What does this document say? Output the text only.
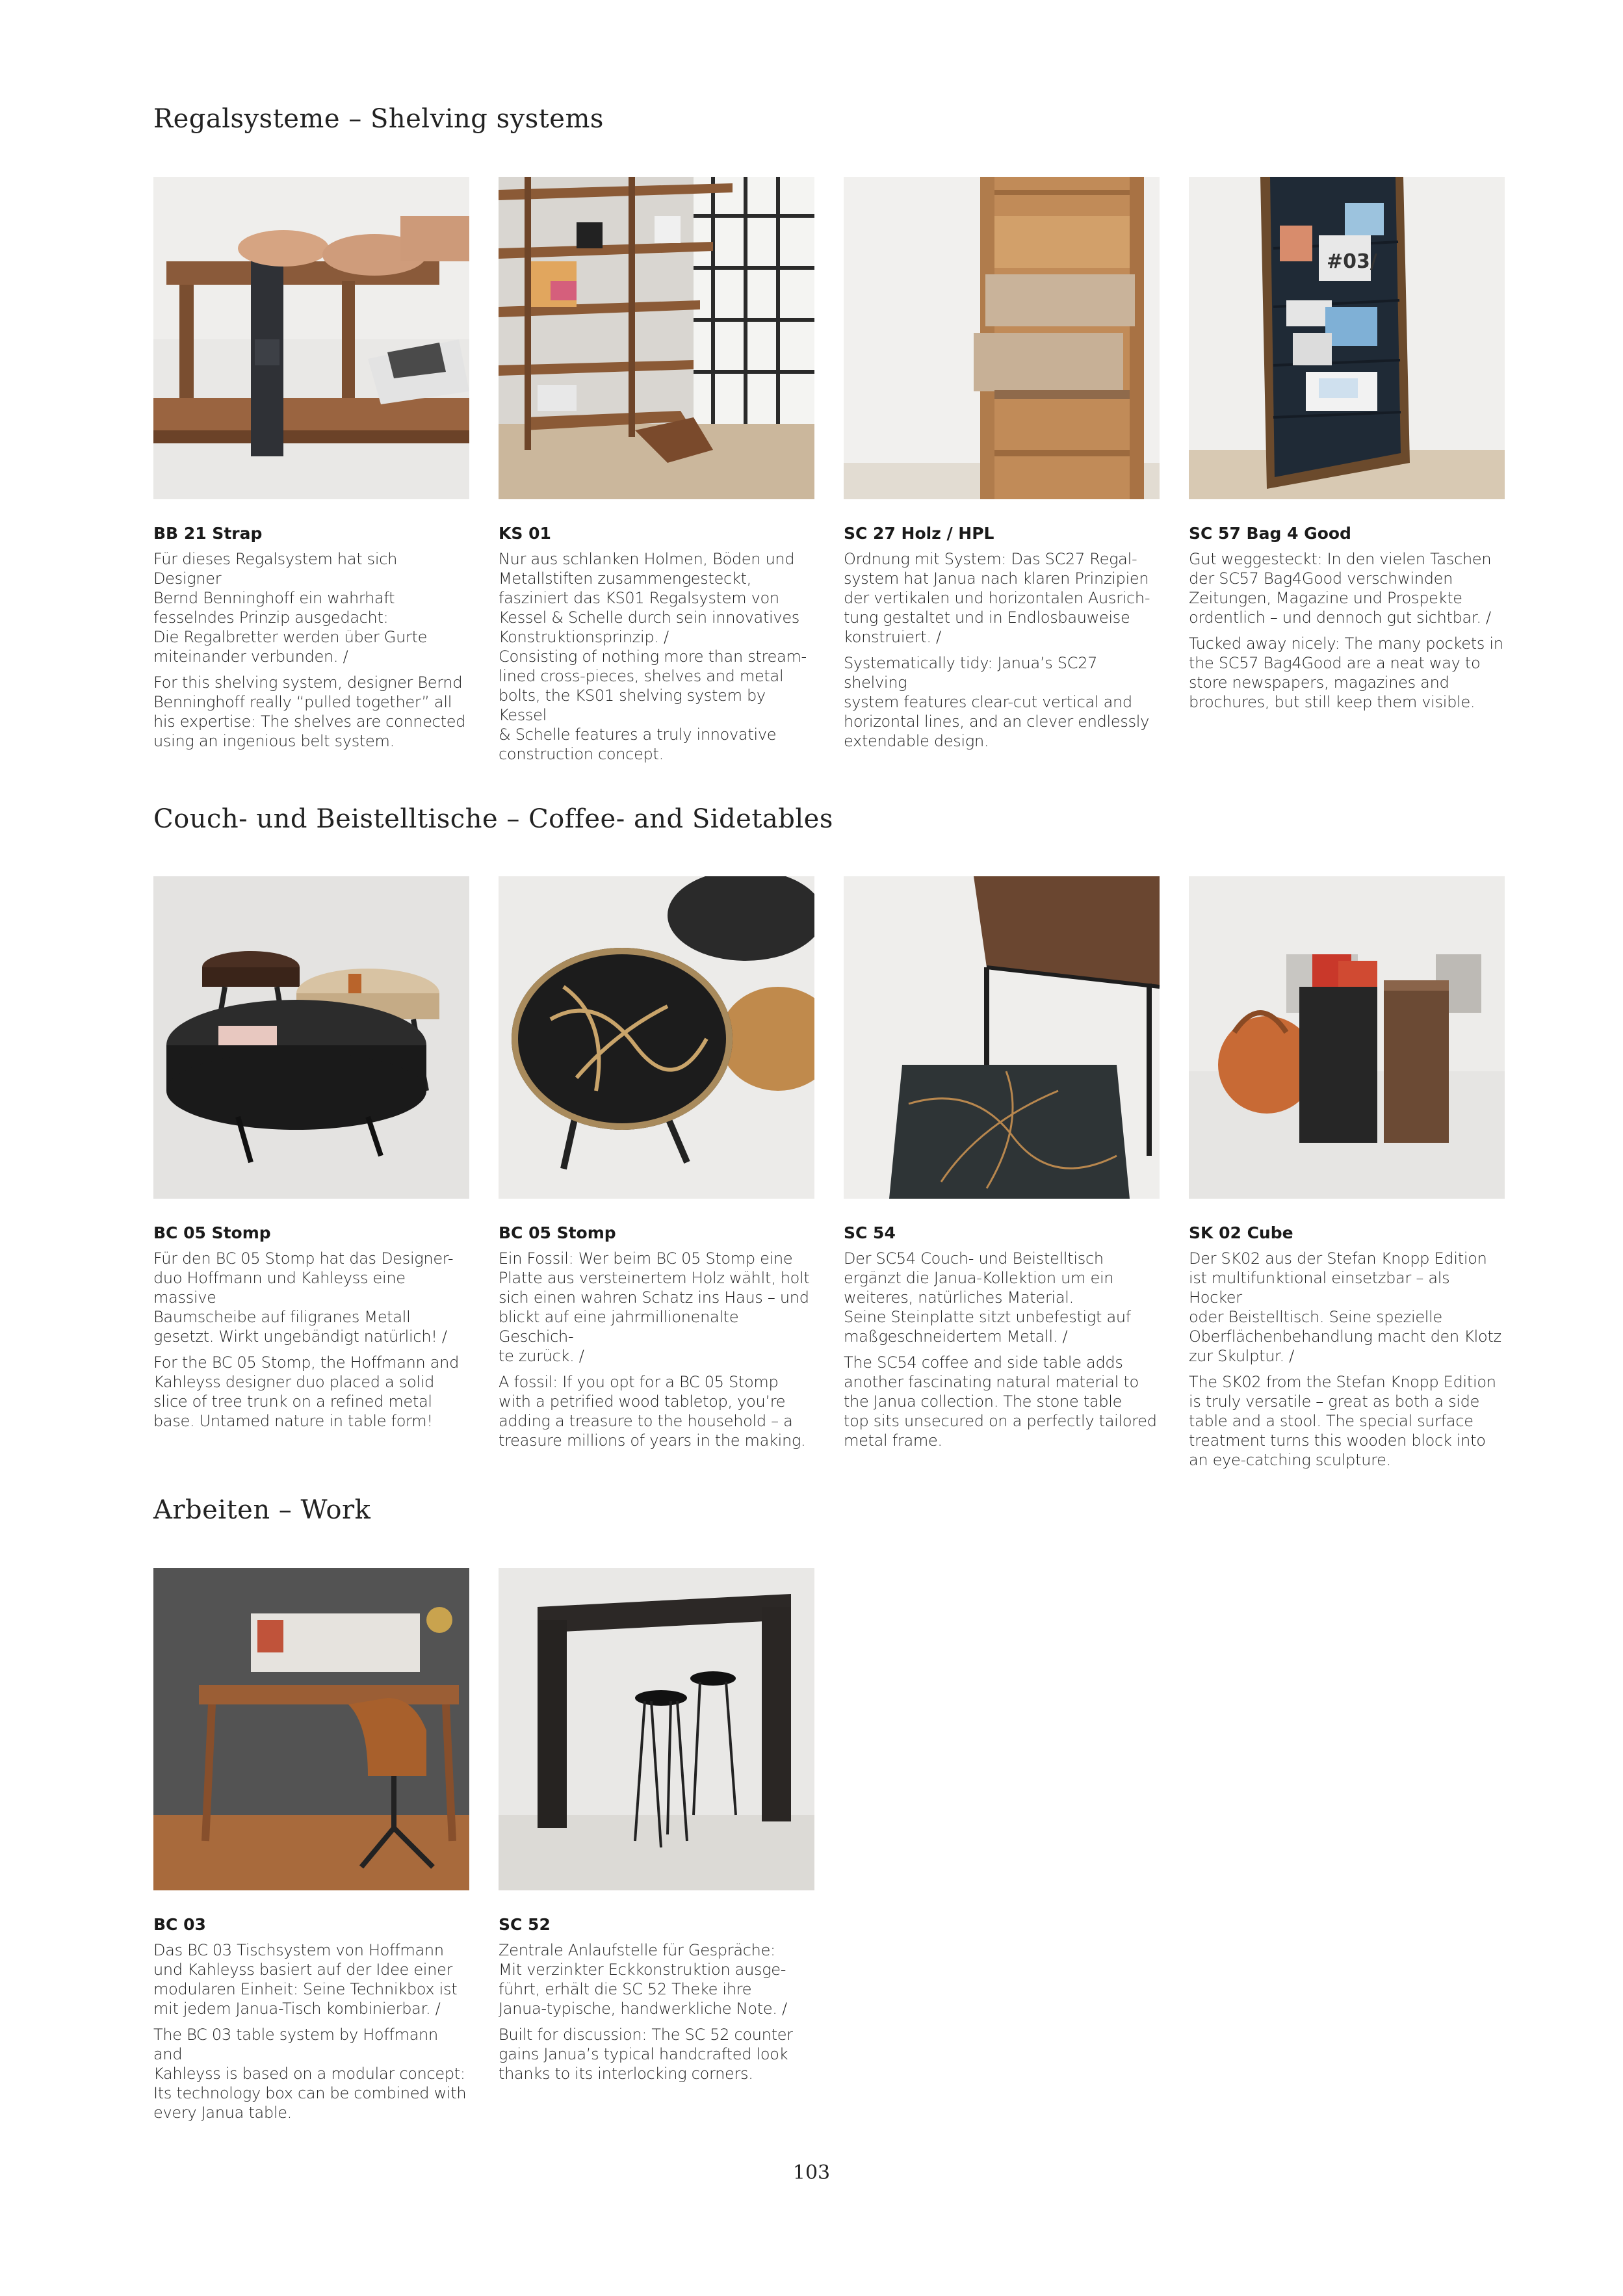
Regalsysteme – Shelving systems
BB 21 Strap

Für dieses Regalsystem hat sich Designer
Bernd Benninghoff ein wahrhaft
fesselndes Prinzip ausgedacht:
Die Regalbretter werden über Gurte
miteinander verbunden. /

For this shelving system, designer Bernd
Benninghoff really “pulled together” all
his expertise: The shelves are connected
using an ingenious belt system.

KS 01

Nur aus schlanken Holmen, Böden und
Metallstiften zusammengesteckt,
fasziniert das KS01 Regalsystem von
Kessel & Schelle durch sein innovatives
Konstruktionsprinzip. /
Consisting of nothing more than stream-
lined cross-pieces, shelves and metal
bolts, the KS01 shelving system by Kessel
& Schelle features a truly innovative
construction concept.

SC 27 Holz / HPL

Ordnung mit System: Das SC27 Regal-
system hat Janua nach klaren Prinzipien
der vertikalen und horizontalen Ausrich-
tung gestaltet und in Endlosbauweise
konstruiert. /

Systematically tidy: Janua’s SC27 shelving
system features clear-cut vertical and
horizontal lines, and an clever endlessly
extendable design.

#03/
SC 57 Bag 4 Good

Gut weggesteckt: In den vielen Taschen
der SC57 Bag4Good verschwinden
Zeitungen, Magazine und Prospekte
ordentlich – und dennoch gut sichtbar. /

Tucked away nicely: The many pockets in
the SC57 Bag4Good are a neat way to
store newspapers, magazines and
brochures, but still keep them visible.

Couch- und Beistelltische – Coffee- and Sidetables
BC 05 Stomp

Für den BC 05 Stomp hat das Designer-
duo Hoffmann und Kahleyss eine massive
Baumscheibe auf filigranes Metall
gesetzt. Wirkt ungebändigt natürlich! /

For the BC 05 Stomp, the Hoffmann and
Kahleyss designer duo placed a solid
slice of tree trunk on a refined metal
base. Untamed nature in table form!

BC 05 Stomp

Ein Fossil: Wer beim BC 05 Stomp eine
Platte aus versteinertem Holz wählt, holt
sich einen wahren Schatz ins Haus – und
blickt auf eine jahrmillionenalte Geschich-
te zurück. /

A fossil: If you opt for a BC 05 Stomp
with a petrified wood tabletop, you’re
adding a treasure to the household – a
treasure millions of years in the making.

SC 54

Der SC54 Couch- und Beistelltisch
ergänzt die Janua-Kollektion um ein
weiteres, natürliches Material.
Seine Steinplatte sitzt unbefestigt auf
maßgeschneidertem Metall. /

The SC54 coffee and side table adds
another fascinating natural material to
the Janua collection. The stone table
top sits unsecured on a perfectly tailored
metal frame.

SK 02 Cube

Der SK02 aus der Stefan Knopp Edition
ist multifunktional einsetzbar – als Hocker
oder Beistelltisch. Seine spezielle
Oberflächenbehandlung macht den Klotz
zur Skulptur. /

The SK02 from the Stefan Knopp Edition
is truly versatile – great as both a side
table and a stool. The special surface
treatment turns this wooden block into
an eye-catching sculpture.

Arbeiten – Work
BC 03

Das BC 03 Tischsystem von Hoffmann
und Kahleyss basiert auf der Idee einer
modularen Einheit: Seine Technikbox ist
mit jedem Janua-Tisch kombinierbar. /

The BC 03 table system by Hoffmann and
Kahleyss is based on a modular concept:
Its technology box can be combined with
every Janua table.

SC 52

Zentrale Anlaufstelle für Gespräche:
Mit verzinkter Eckkonstruktion ausge-
führt, erhält die SC 52 Theke ihre
Janua-typische, handwerkliche Note. /

Built for discussion: The SC 52 counter
gains Janua’s typical handcrafted look
thanks to its interlocking corners.

103
